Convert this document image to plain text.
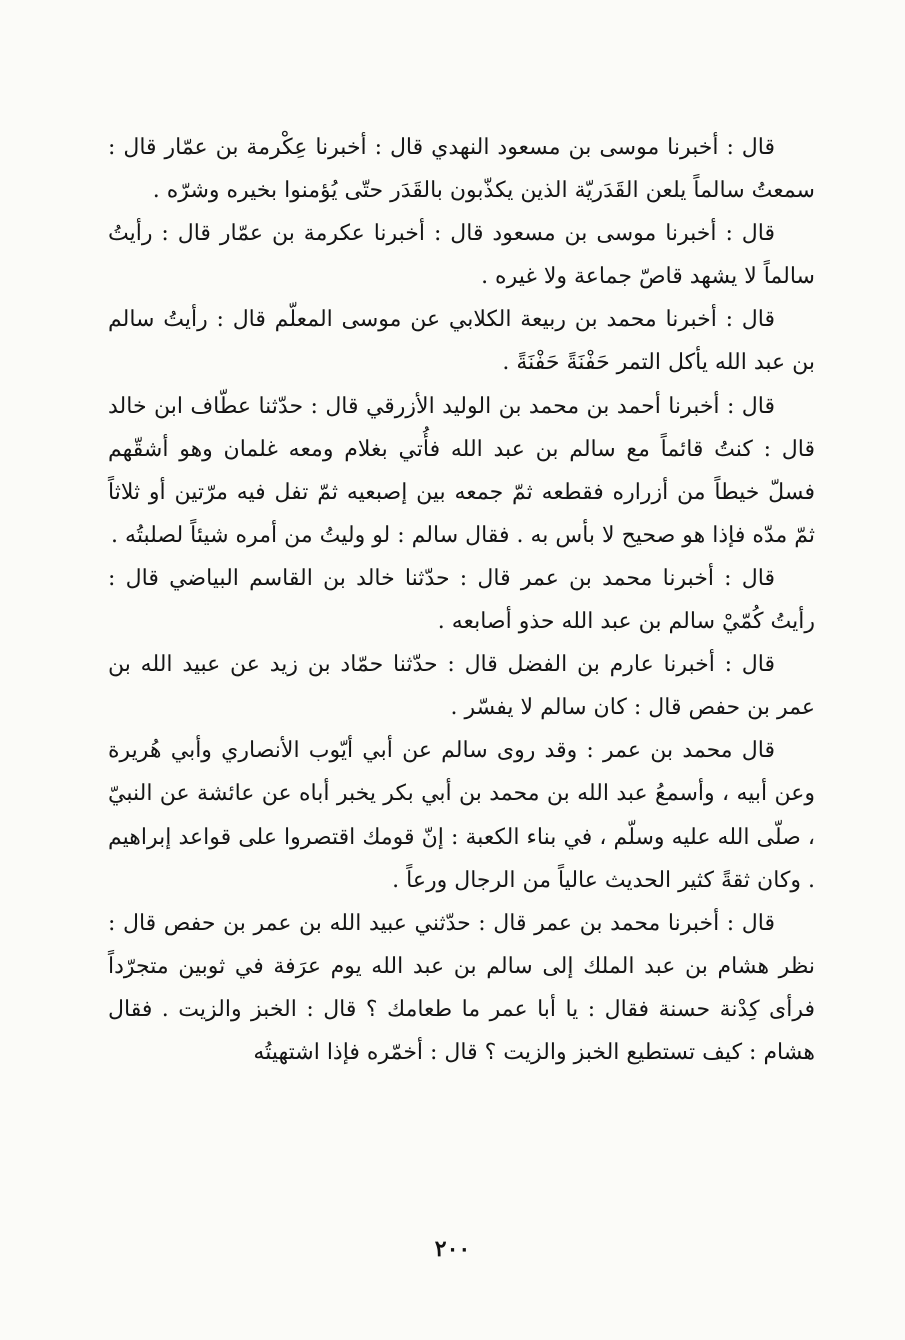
قال : أخبرنا موسى بن مسعود النهدي قال : أخبرنا عِكْرمة بن عمّار قال : سمعتُ سالماً يلعن القَدَريّة الذين يكذّبون بالقَدَر حتّى يُؤمنوا بخيره وشرّه .

قال : أخبرنا موسى بن مسعود قال : أخبرنا عكرمة بن عمّار قال : رأيتُ سالماً لا يشهد قاصّ جماعة ولا غيره .

قال : أخبرنا محمد بن ربيعة الكلابي عن موسى المعلّم قال : رأيتُ سالم بن عبد الله يأكل التمر حَفْنَةً حَفْنَةً .

قال : أخبرنا أحمد بن محمد بن الوليد الأزرقي قال : حدّثنا عطّاف ابن خالد قال : كنتُ قائماً مع سالم بن عبد الله فأُتي بغلام ومعه غلمان وهو أشقّهم فسلّ خيطاً من أزراره فقطعه ثمّ جمعه بين إصبعيه ثمّ تفل فيه مرّتين أو ثلاثاً ثمّ مدّه فإذا هو صحيح لا بأس به . فقال سالم : لو وليتُ من أمره شيئاً لصلبتُه .

قال : أخبرنا محمد بن عمر قال : حدّثنا خالد بن القاسم البياضي قال : رأيتُ كُمّيْ سالم بن عبد الله حذو أصابعه .

قال : أخبرنا عارم بن الفضل قال : حدّثنا حمّاد بن زيد عن عبيد الله بن عمر بن حفص قال : كان سالم لا يفسّر .

قال محمد بن عمر : وقد روى سالم عن أبي أيّوب الأنصاري وأبي هُريرة وعن أبيه ، وأسمعُ عبد الله بن محمد بن أبي بكر يخبر أباه عن عائشة عن النبيّ ، صلّى الله عليه وسلّم ، في بناء الكعبة : إنّ قومك اقتصروا على قواعد إبراهيم . وكان ثقةً كثير الحديث عالياً من الرجال ورعاً .

قال : أخبرنا محمد بن عمر قال : حدّثني عبيد الله بن عمر بن حفص قال : نظر هشام بن عبد الملك إلى سالم بن عبد الله يوم عرَفة في ثوبين متجرّداً فرأى كِدْنة حسنة فقال : يا أبا عمر ما طعامك ؟ قال : الخبز والزيت . فقال هشام : كيف تستطيع الخبز والزيت ؟ قال : أخمّره فإذا اشتهيتُه

٢٠٠
